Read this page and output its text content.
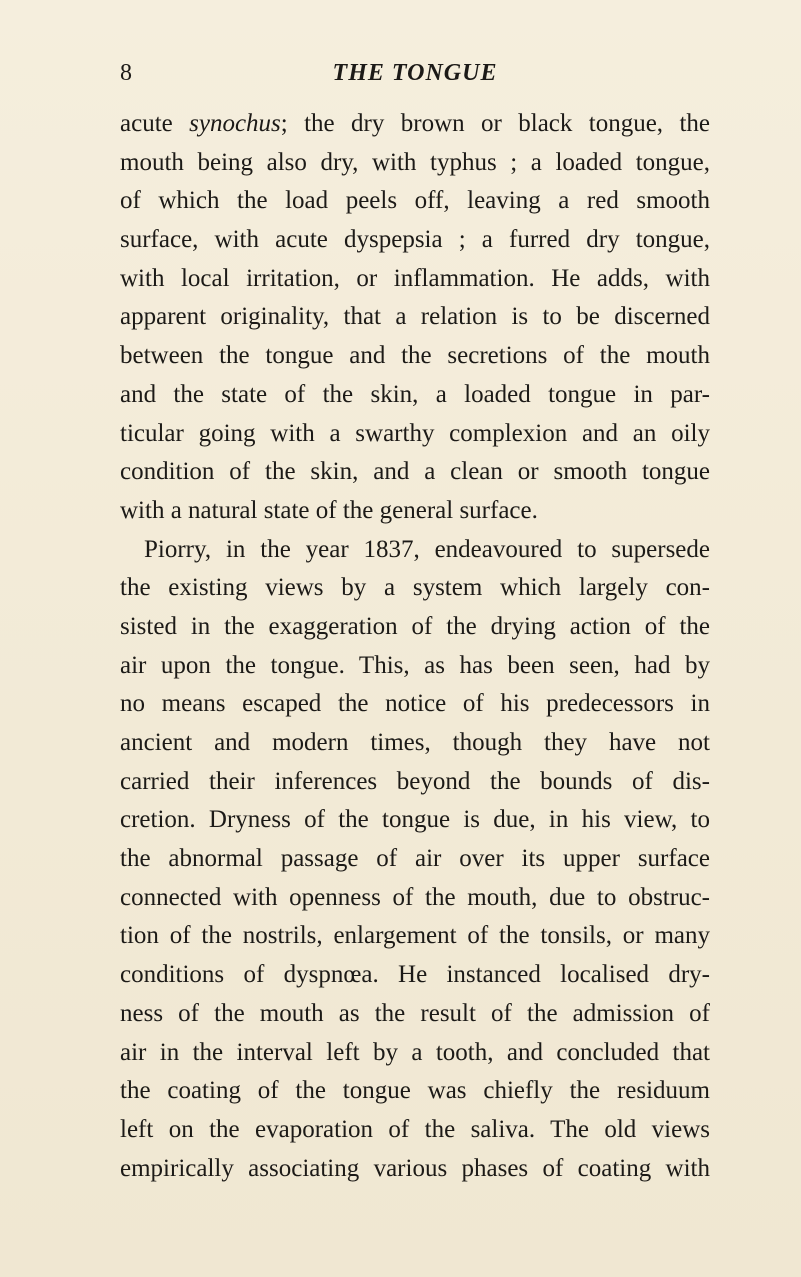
8	THE TONGUE
acute synochus; the dry brown or black tongue, the
mouth being also dry, with typhus ; a loaded tongue,
of which the load peels off, leaving a red smooth
surface, with acute dyspepsia ; a furred dry tongue,
with local irritation, or inflammation. He adds, with
apparent originality, that a relation is to be discerned
between the tongue and the secretions of the mouth
and the state of the skin, a loaded tongue in par-
ticular going with a swarthy complexion and an oily
condition of the skin, and a clean or smooth tongue
with a natural state of the general surface.
Piorry, in the year 1837, endeavoured to supersede
the existing views by a system which largely con-
sisted in the exaggeration of the drying action of the
air upon the tongue. This, as has been seen, had by
no means escaped the notice of his predecessors in
ancient and modern times, though they have not
carried their inferences beyond the bounds of dis-
cretion. Dryness of the tongue is due, in his view, to
the abnormal passage of air over its upper surface
connected with openness of the mouth, due to obstruc-
tion of the nostrils, enlargement of the tonsils, or many
conditions of dyspnœa. He instanced localised dry-
ness of the mouth as the result of the admission of
air in the interval left by a tooth, and concluded that
the coating of the tongue was chiefly the residuum
left on the evaporation of the saliva. The old views
empirically associating various phases of coating with
